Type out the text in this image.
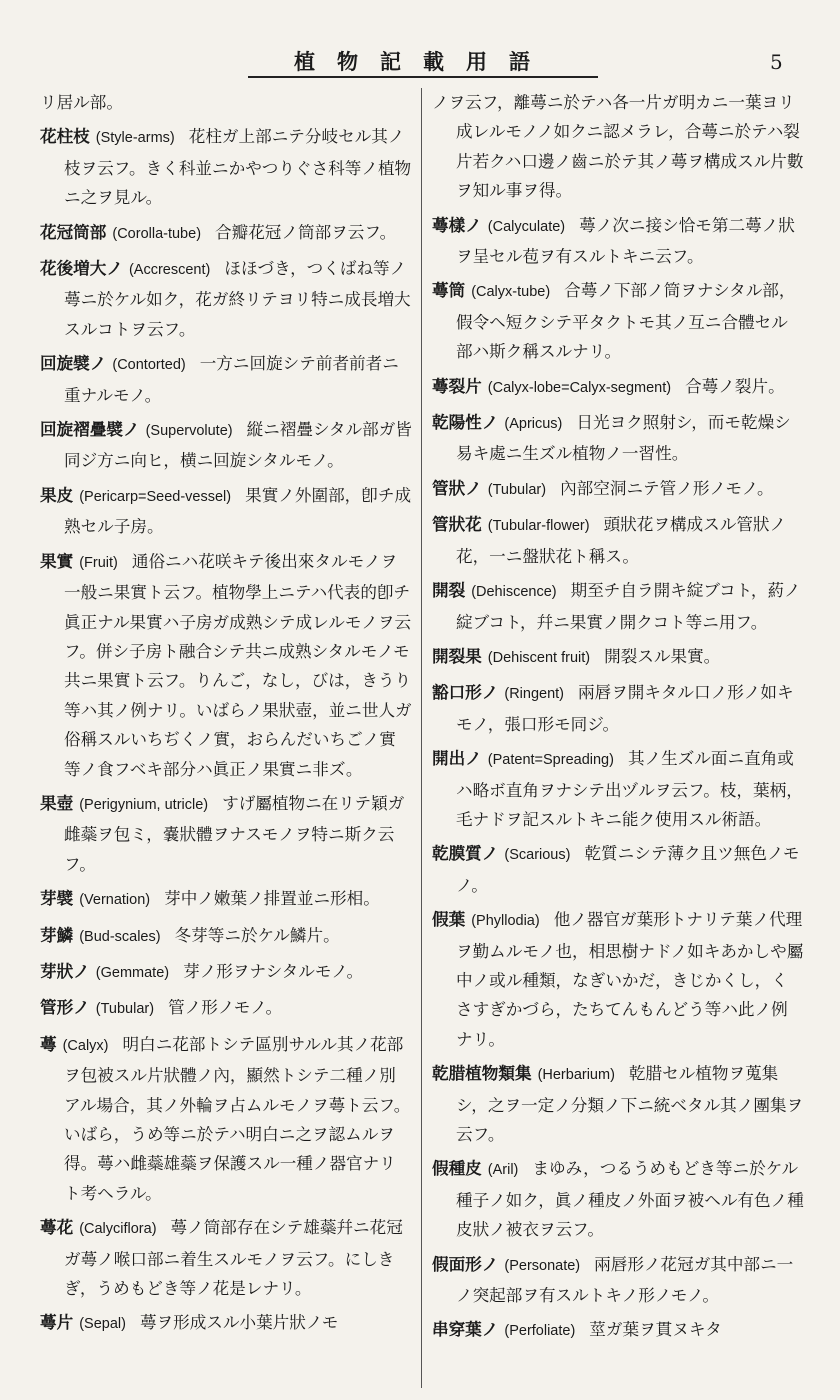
植物記載用語	5
リ居ル部。
花柱枝 (Style-arms) 花柱ガ上部ニテ分岐セル其ノ枝ヲ云フ。きく科並ニかやつりぐさ科等ノ植物ニ之ヲ見ル。
花冠筒部 (Corolla-tube) 合瓣花冠ノ筒部ヲ云フ。
花後増大ノ (Accrescent) ほほづき，つくばね等ノ蕚ニ於ケル如ク，花ガ終リテヨリ特ニ成長増大スルコトヲ云フ。
回旋襞ノ (Contorted) 一方ニ回旋シテ前者前者ニ重ナルモノ。
回旋褶疊襞ノ (Supervolute) 縦ニ褶疊シタル部ガ皆同ジ方ニ向ヒ，横ニ回旋シタルモノ。
果皮 (Pericarp=Seed-vessel) 果實ノ外圍部，卽チ成熟セル子房。
果實 (Fruit) 通俗ニハ花咲キテ後出來タルモノヲ一般ニ果實ト云フ。植物學上ニテハ代表的卽チ眞正ナル果實ハ子房ガ成熟シテ成レルモノヲ云フ。併シ子房ト融合シテ共ニ成熟シタルモノモ共ニ果實ト云フ。りんご，なし，びは，きうり等ハ其ノ例ナリ。いばらノ果狀壺，並ニ世人ガ俗稱スルいちぢくノ實，おらんだいちごノ實等ノ食フベキ部分ハ眞正ノ果實ニ非ズ。
果壺 (Perigynium, utricle) すげ屬植物ニ在リテ穎ガ雌蘂ヲ包ミ，嚢狀體ヲナスモノヲ特ニ斯ク云フ。
芽襞 (Vernation) 芽中ノ嫩葉ノ排置並ニ形相。
芽鱗 (Bud-scales) 冬芽等ニ於ケル鱗片。
芽狀ノ (Gemmate) 芽ノ形ヲナシタルモノ。
管形ノ (Tubular) 管ノ形ノモノ。
蕚 (Calyx) 明白ニ花部トシテ區別サルル其ノ花部ヲ包被スル片狀體ノ內，顯然トシテ二種ノ別アル場合，其ノ外輪ヲ占ムルモノヲ蕚ト云フ。いばら，うめ等ニ於テハ明白ニ之ヲ認ムルヲ得。蕚ハ雌蘂雄蘂ヲ保護スル一種ノ器官ナリト考ヘラル。
蕚花 (Calyciflora) 蕚ノ筒部存在シテ雄蘂幷ニ花冠ガ蕚ノ喉口部ニ着生スルモノヲ云フ。にしきぎ，うめもどき等ノ花是レナリ。
蕚片 (Sepal) 蕚ヲ形成スル小葉片狀ノモ
ノヲ云フ，離蕚ニ於テハ各一片ガ明カニ一葉ヨリ成レルモノノ如クニ認メラレ，合蕚ニ於テハ裂片若クハ口邊ノ齒ニ於テ其ノ蕚ヲ構成スル片數ヲ知ル事ヲ得。
蕚樣ノ (Calyculate) 蕚ノ次ニ接シ恰モ第二蕚ノ狀ヲ呈セル苞ヲ有スルトキニ云フ。
蕚筒 (Calyx-tube) 合蕚ノ下部ノ筒ヲナシタル部，假令ヘ短クシテ平タクトモ其ノ互ニ合體セル部ハ斯ク稱スルナリ。
蕚裂片 (Calyx-lobe=Calyx-segment) 合蕚ノ裂片。
乾陽性ノ (Apricus) 日光ヨク照射シ，而モ乾燥シ易キ處ニ生ズル植物ノ一習性。
管狀ノ (Tubular) 內部空洞ニテ管ノ形ノモノ。
管狀花 (Tubular-flower) 頭狀花ヲ構成スル管狀ノ花，一ニ盤狀花ト稱ス。
開裂 (Dehiscence) 期至チ自ラ開キ綻ブコト，葯ノ綻ブコト，幷ニ果實ノ開クコト等ニ用フ。
開裂果 (Dehiscent fruit) 開裂スル果實。
豁口形ノ (Ringent) 兩唇ヲ開キタル口ノ形ノ如キモノ，張口形モ同ジ。
開出ノ (Patent=Spreading) 其ノ生ズル面ニ直角或ハ略ボ直角ヲナシテ出ヅルヲ云フ。枝，葉柄，毛ナドヲ記スルトキニ能ク使用スル術語。
乾膜質ノ (Scarious) 乾質ニシテ薄ク且ツ無色ノモノ。
假葉 (Phyllodia) 他ノ器官ガ葉形トナリテ葉ノ代理ヲ勤ムルモノ也，相思樹ナドノ如キあかしや屬中ノ或ル種類，なぎいかだ，きじかくし，くさすぎかづら，たちてんもんどう等ハ此ノ例ナリ。
乾腊植物類集 (Herbarium) 乾腊セル植物ヲ蒐集シ，之ヲ一定ノ分類ノ下ニ統ベタル其ノ團集ヲ云フ。
假種皮 (Aril) まゆみ，つるうめもどき等ニ於ケル種子ノ如ク，眞ノ種皮ノ外面ヲ被ヘル有色ノ種皮狀ノ被衣ヲ云フ。
假面形ノ (Personate) 兩唇形ノ花冠ガ其中部ニ一ノ突起部ヲ有スルトキノ形ノモノ。
串穿葉ノ (Perfoliate) 莖ガ葉ヲ貫ヌキタ
